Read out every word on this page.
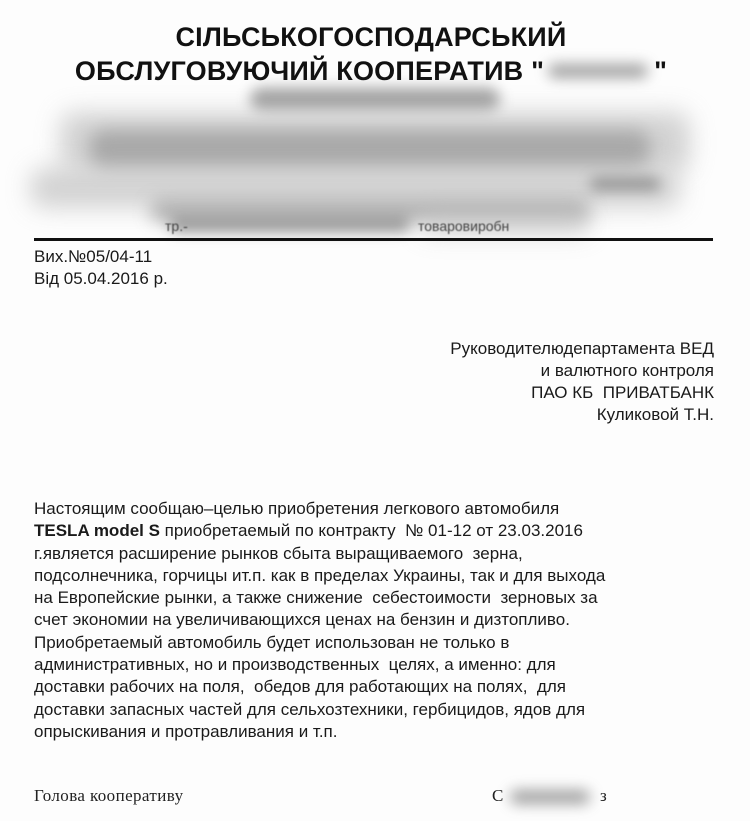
СІЛЬСЬКОГОСПОДАРСЬКИЙ
ОБСЛУГОВУЮЧИЙ КООПЕРАТИВ "	"
тр.-	товаровиробн
Вих.№05/04-11
Від 05.04.2016 р.
Руководителюдепартамента ВЕД
и валютного контроля
ПАО КБ  ПРИВАТБАНК
Куликовой Т.Н.
Настоящим сообщаю–целью приобретения легкового автомобиля
TESLA model S приобретаемый по контракту  № 01-12 от 23.03.2016
г.является расширение рынков сбыта выращиваемого  зерна,
подсолнечника, горчицы ит.п. как в пределах Украины, так и для выхода
на Европейские рынки, а также снижение  себестоимости  зерновых за
счет экономии на увеличивающихся ценах на бензин и дизтопливо.
Приобретаемый автомобиль будет использован не только в
административных, но и производственных  целях, а именно: для
доставки рабочих на поля,  обедов для работающих на полях,  для
доставки запасных частей для сельхозтехники, гербицидов, ядов для
опрыскивания и протравливания и т.п.
Голова кооперативу	С	з
